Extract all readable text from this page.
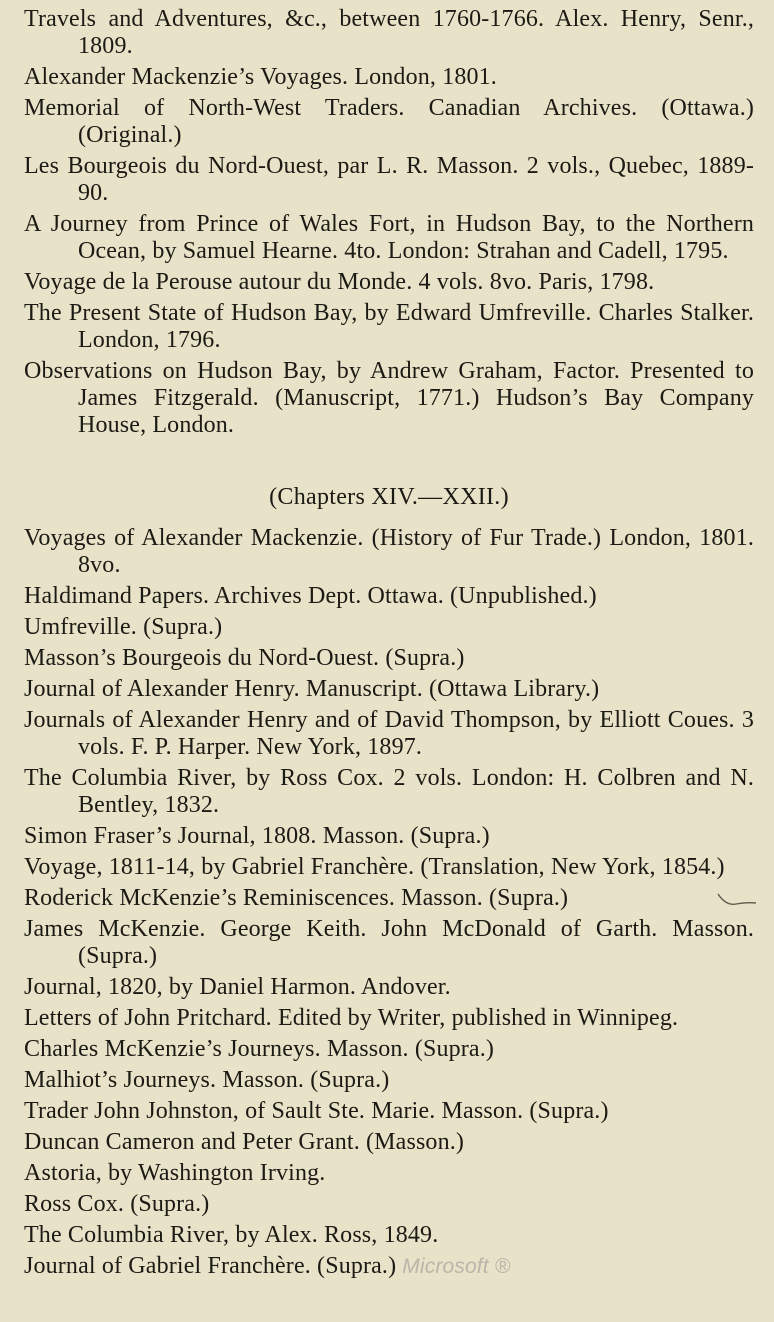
Travels and Adventures, &c., between 1760-1766. Alex. Henry, Senr., 1809.

Alexander Mackenzie’s Voyages. London, 1801.

Memorial of North-West Traders. Canadian Archives. (Ottawa.) (Original.)

Les Bourgeois du Nord-Ouest, par L. R. Masson. 2 vols., Quebec, 1889-90.

A Journey from Prince of Wales Fort, in Hudson Bay, to the Northern Ocean, by Samuel Hearne. 4to. London: Strahan and Cadell, 1795.

Voyage de la Perouse autour du Monde. 4 vols. 8vo. Paris, 1798.

The Present State of Hudson Bay, by Edward Umfreville. Charles Stalker. London, 1796.

Observations on Hudson Bay, by Andrew Graham, Factor. Presented to James Fitzgerald. (Manuscript, 1771.) Hudson’s Bay Company House, London.

(Chapters XIV.—XXII.)

Voyages of Alexander Mackenzie. (History of Fur Trade.) London, 1801. 8vo.

Haldimand Papers. Archives Dept. Ottawa. (Unpublished.)

Umfreville. (Supra.)

Masson’s Bourgeois du Nord-Ouest. (Supra.)

Journal of Alexander Henry. Manuscript. (Ottawa Library.)

Journals of Alexander Henry and of David Thompson, by Elliott Coues. 3 vols. F. P. Harper. New York, 1897.

The Columbia River, by Ross Cox. 2 vols. London: H. Colbren and N. Bentley, 1832.

Simon Fraser’s Journal, 1808. Masson. (Supra.)

Voyage, 1811-14, by Gabriel Franchère. (Translation, New York, 1854.)

Roderick McKenzie’s Reminiscences. Masson. (Supra.)

James McKenzie. George Keith. John McDonald of Garth. Masson. (Supra.)

Journal, 1820, by Daniel Harmon. Andover.

Letters of John Pritchard. Edited by Writer, published in Winnipeg.

Charles McKenzie’s Journeys. Masson. (Supra.)

Malhiot’s Journeys. Masson. (Supra.)

Trader John Johnston, of Sault Ste. Marie. Masson. (Supra.)

Duncan Cameron and Peter Grant. (Masson.)

Astoria, by Washington Irving.

Ross Cox. (Supra.)

The Columbia River, by Alex. Ross, 1849.

Journal of Gabriel Franchère. (Supra.) Microsoft ®
